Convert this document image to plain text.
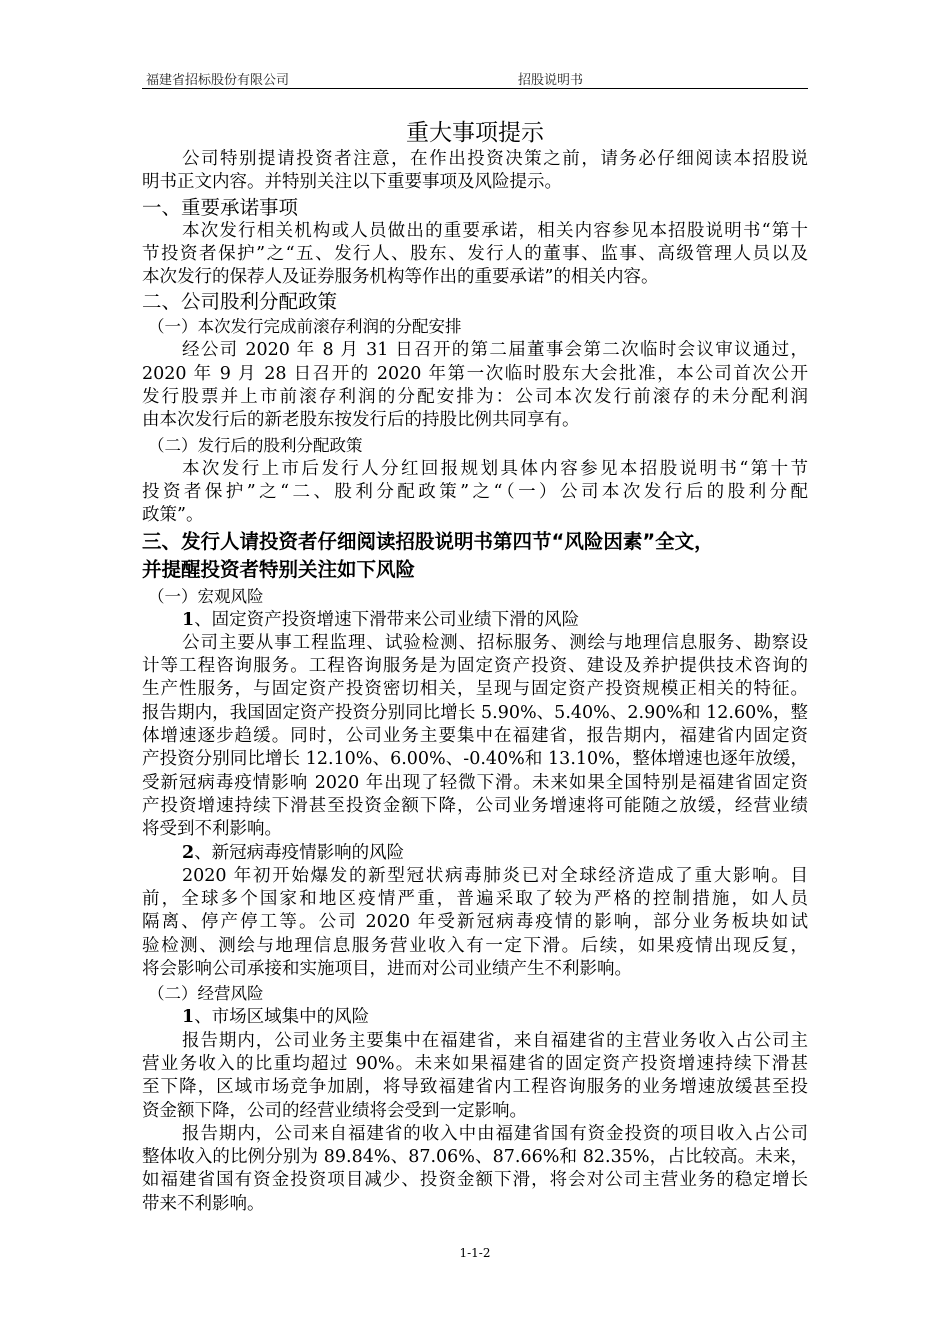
福建省招标股份有限公司	招股说明书
重大事项提示
公司特别提请投资者注意，在作出投资决策之前，请务必仔细阅读本招股说
明书正文内容。并特别关注以下重要事项及风险提示。
一、重要承诺事项
本次发行相关机构或人员做出的重要承诺，相关内容参见本招股说明书“第十
节投资者保护”之“五、发行人、股东、发行人的董事、监事、高级管理人员以及
本次发行的保荐人及证券服务机构等作出的重要承诺”的相关内容。
二、公司股利分配政策
（一）本次发行完成前滚存利润的分配安排
经公司 2020 年 8 月 31 日召开的第二届董事会第二次临时会议审议通过，
2020 年 9 月 28 日召开的 2020 年第一次临时股东大会批准，本公司首次公开
发行股票并上市前滚存利润的分配安排为：公司本次发行前滚存的未分配利润
由本次发行后的新老股东按发行后的持股比例共同享有。
（二）发行后的股利分配政策
本次发行上市后发行人分红回报规划具体内容参见本招股说明书“第十节
投资者保护”之“二、股利分配政策”之“（一）公司本次发行后的股利分配
政策”。
三、发行人请投资者仔细阅读招股说明书第四节“风险因素”全文，
并提醒投资者特别关注如下风险
（一）宏观风险
1、固定资产投资增速下滑带来公司业绩下滑的风险
公司主要从事工程监理、试验检测、招标服务、测绘与地理信息服务、勘察设
计等工程咨询服务。工程咨询服务是为固定资产投资、建设及养护提供技术咨询的
生产性服务，与固定资产投资密切相关，呈现与固定资产投资规模正相关的特征。
报告期内，我国固定资产投资分别同比增长 5.90%、5.40%、2.90%和 12.60%，整
体增速逐步趋缓。同时，公司业务主要集中在福建省，报告期内，福建省内固定资
产投资分别同比增长 12.10%、6.00%、-0.40%和 13.10%，整体增速也逐年放缓，
受新冠病毒疫情影响 2020 年出现了轻微下滑。未来如果全国特别是福建省固定资
产投资增速持续下滑甚至投资金额下降，公司业务增速将可能随之放缓，经营业绩
将受到不利影响。
2、新冠病毒疫情影响的风险
2020 年初开始爆发的新型冠状病毒肺炎已对全球经济造成了重大影响。目
前，全球多个国家和地区疫情严重，普遍采取了较为严格的控制措施，如人员
隔离、停产停工等。公司 2020 年受新冠病毒疫情的影响，部分业务板块如试
验检测、测绘与地理信息服务营业收入有一定下滑。后续，如果疫情出现反复，
将会影响公司承接和实施项目，进而对公司业绩产生不利影响。
（二）经营风险
1、市场区域集中的风险
报告期内，公司业务主要集中在福建省，来自福建省的主营业务收入占公司主
营业务收入的比重均超过 90%。未来如果福建省的固定资产投资增速持续下滑甚
至下降，区域市场竞争加剧，将导致福建省内工程咨询服务的业务增速放缓甚至投
资金额下降，公司的经营业绩将会受到一定影响。
报告期内，公司来自福建省的收入中由福建省国有资金投资的项目收入占公司
整体收入的比例分别为 89.84%、87.06%、87.66%和 82.35%，占比较高。未来，
如福建省国有资金投资项目减少、投资金额下滑，将会对公司主营业务的稳定增长
带来不利影响。
1-1-2
